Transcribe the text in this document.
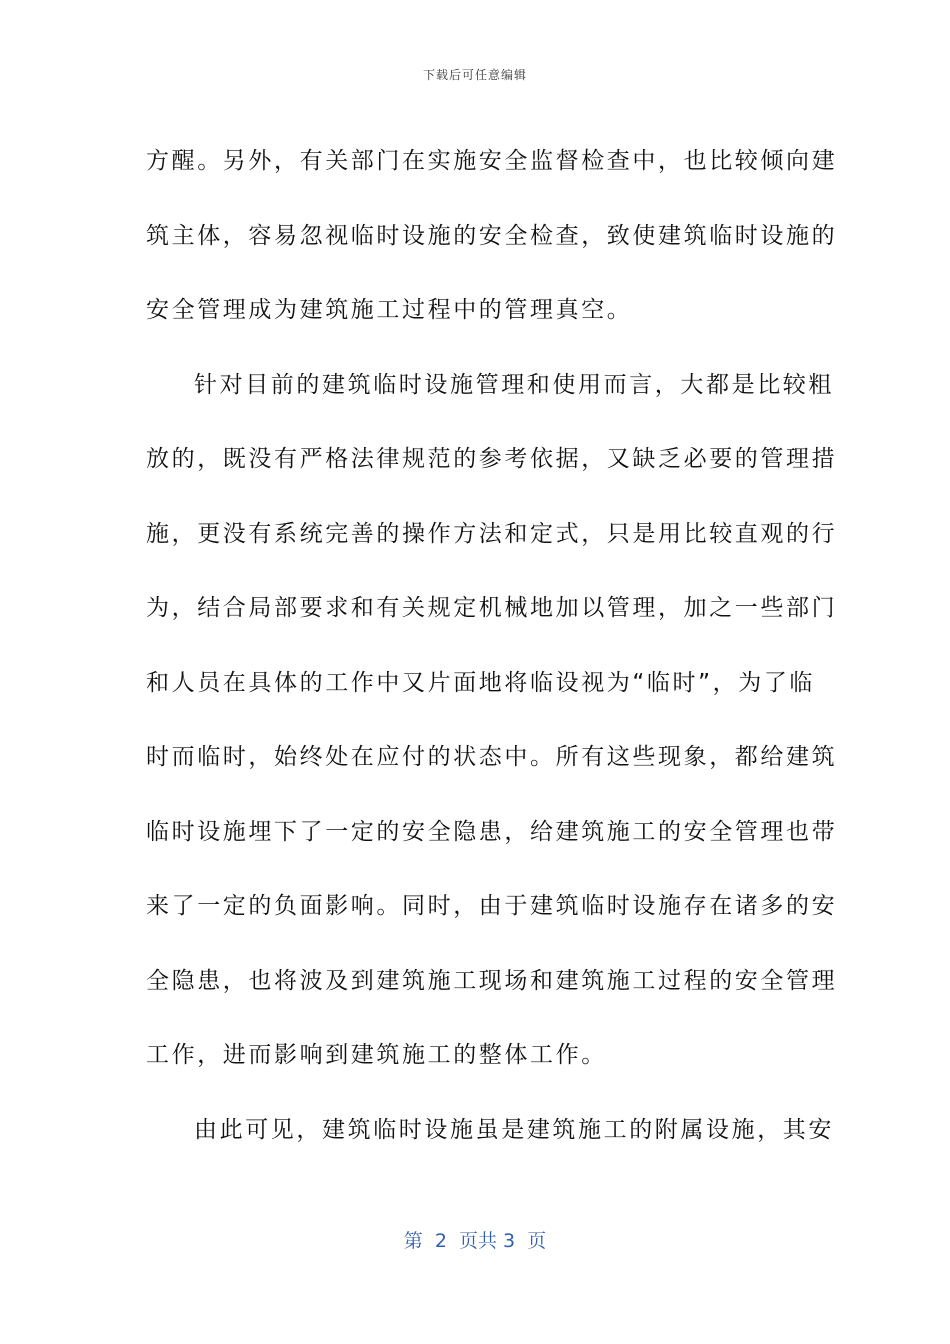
下载后可任意编辑
方醒。另外，有关部门在实施安全监督检查中，也比较倾向建
筑主体，容易忽视临时设施的安全检查，致使建筑临时设施的
安全管理成为建筑施工过程中的管理真空。
针对目前的建筑临时设施管理和使用而言，大都是比较粗
放的，既没有严格法律规范的参考依据，又缺乏必要的管理措
施，更没有系统完善的操作方法和定式，只是用比较直观的行
为，结合局部要求和有关规定机械地加以管理，加之一些部门
和人员在具体的工作中又片面地将临设视为“临时”，为了临
时而临时，始终处在应付的状态中。所有这些现象，都给建筑
临时设施埋下了一定的安全隐患，给建筑施工的安全管理也带
来了一定的负面影响。同时，由于建筑临时设施存在诸多的安
全隐患，也将波及到建筑施工现场和建筑施工过程的安全管理
工作，进而影响到建筑施工的整体工作。
由此可见，建筑临时设施虽是建筑施工的附属设施，其安
第  2  页共 3  页
